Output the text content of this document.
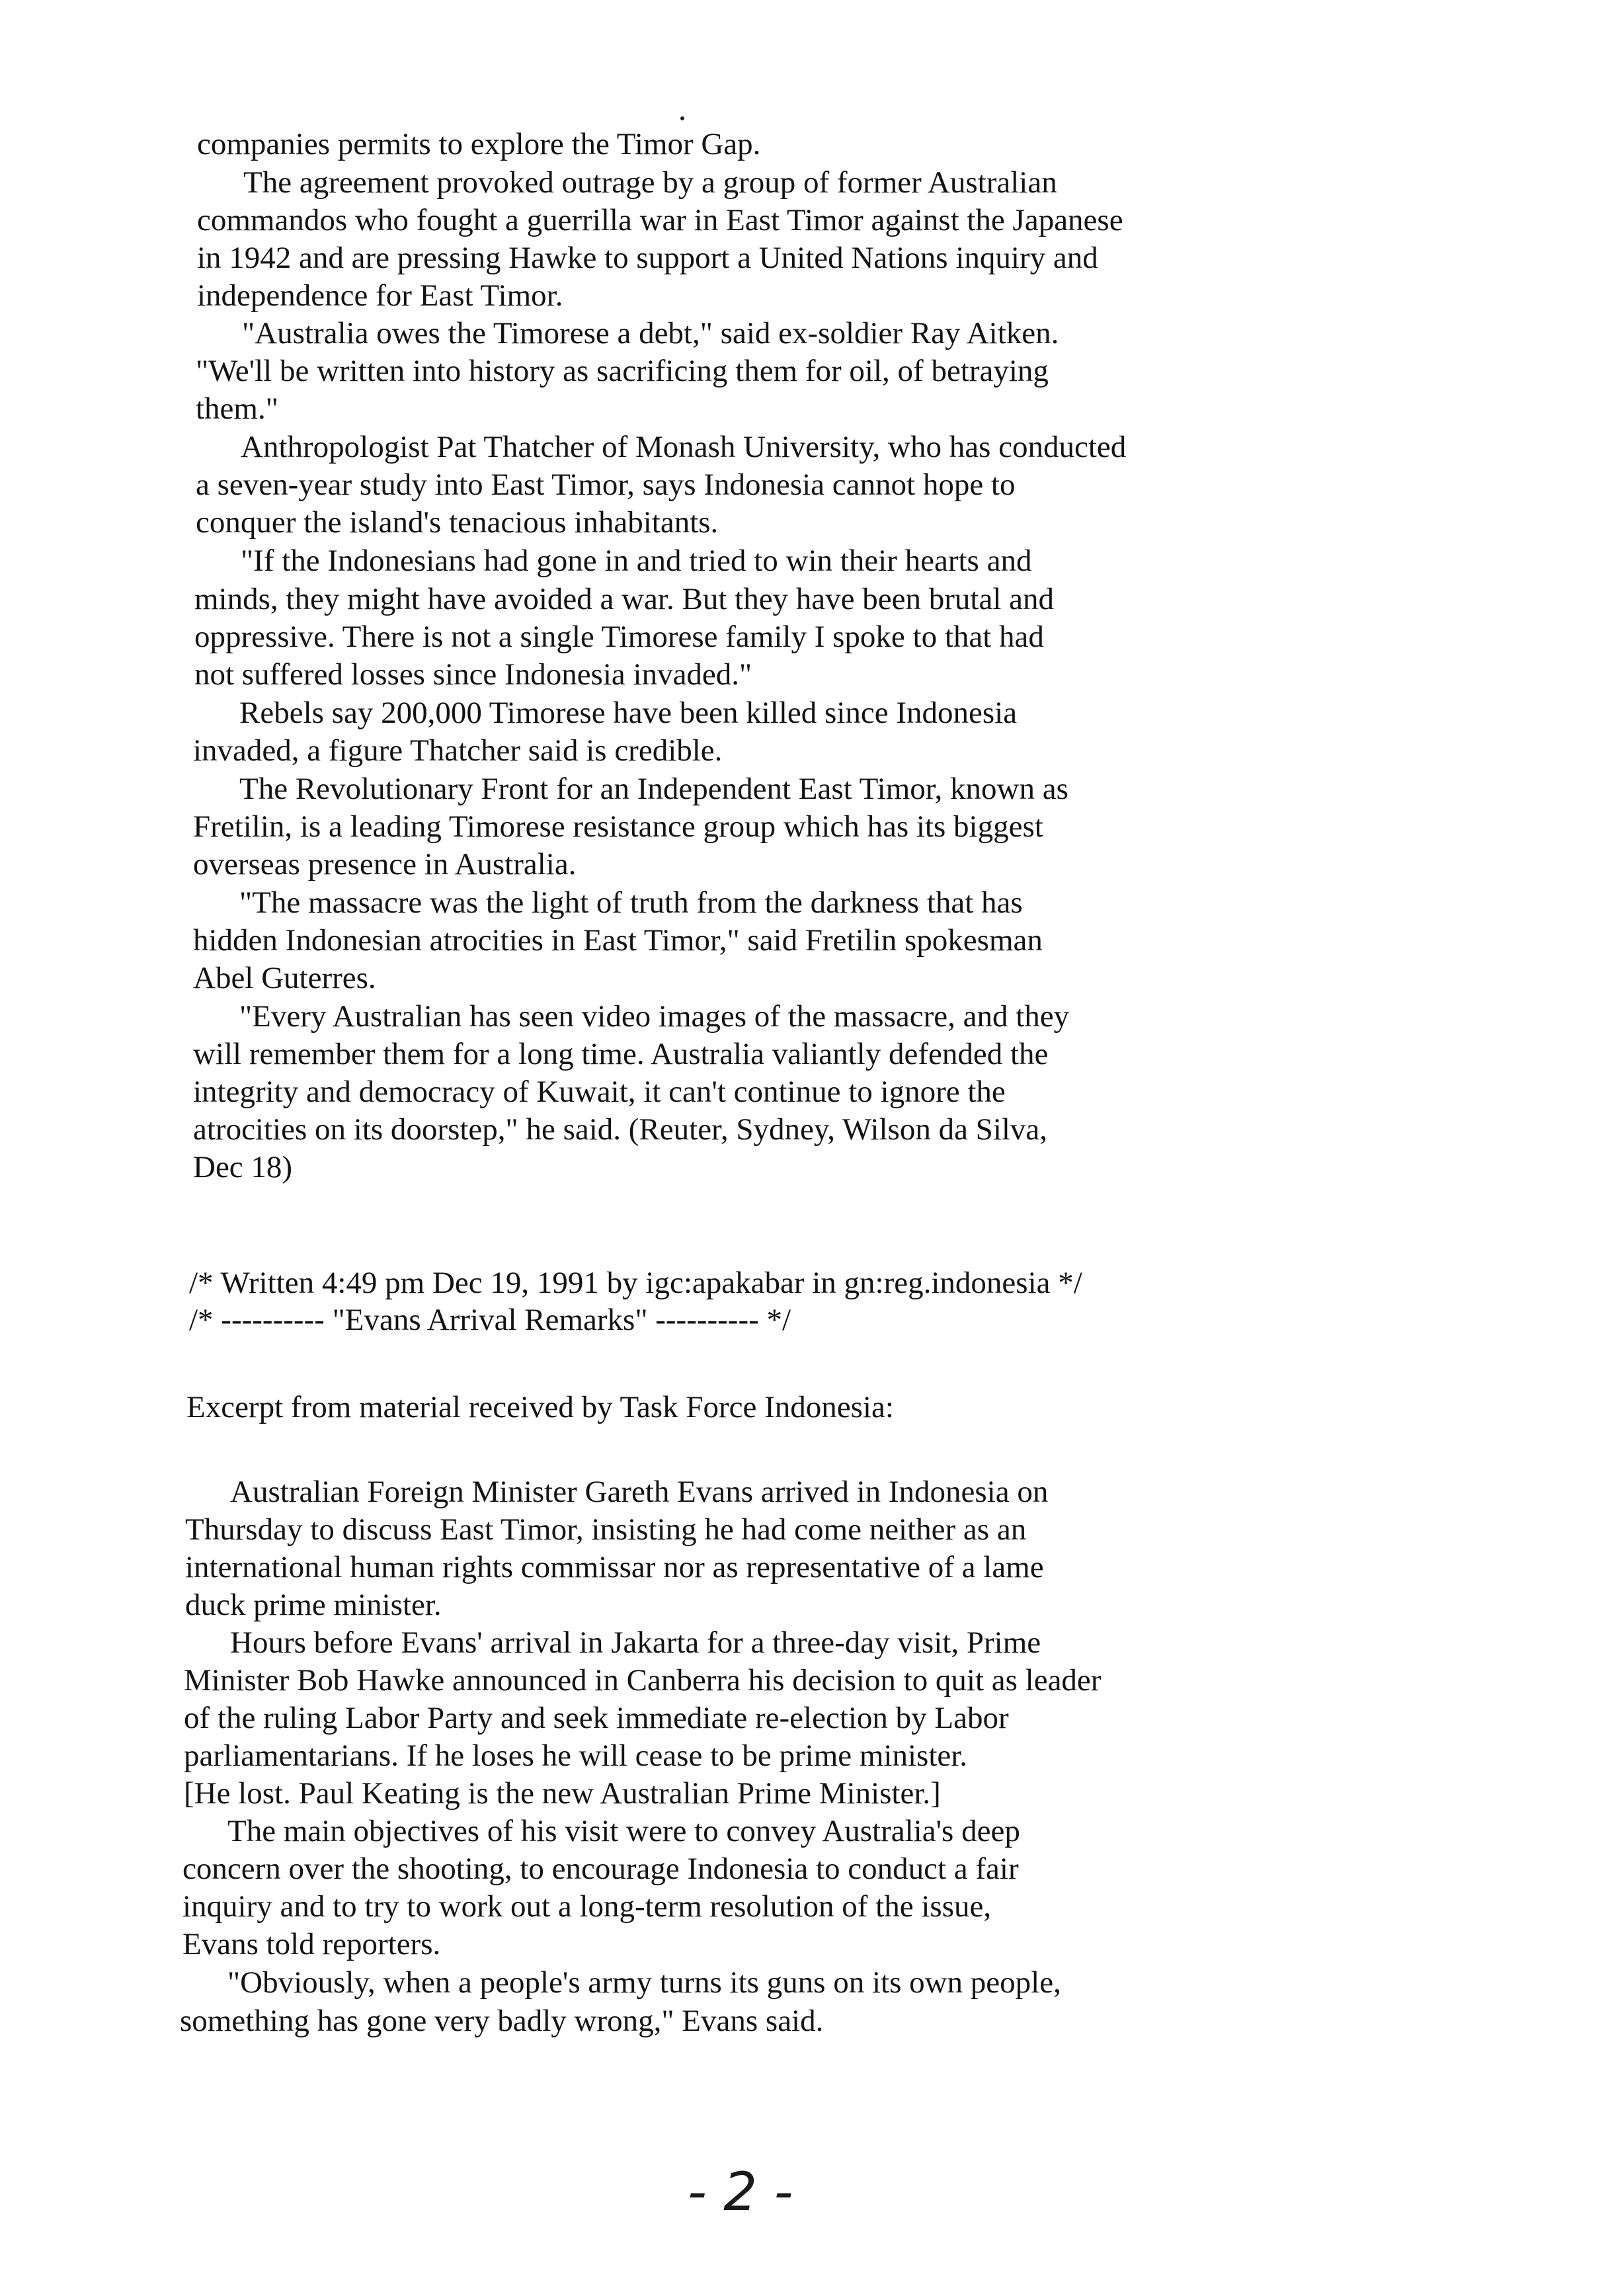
companies permits to explore the Timor Gap.
The agreement provoked outrage by a group of former Australian
commandos who fought a guerrilla war in East Timor against the Japanese
in 1942 and are pressing Hawke to support a United Nations inquiry and
independence for East Timor.
"Australia owes the Timorese a debt," said ex-soldier Ray Aitken.
"We'll be written into history as sacrificing them for oil, of betraying
them."
Anthropologist Pat Thatcher of Monash University, who has conducted
a seven-year study into East Timor, says Indonesia cannot hope to
conquer the island's tenacious inhabitants.
"If the Indonesians had gone in and tried to win their hearts and
minds, they might have avoided a war. But they have been brutal and
oppressive. There is not a single Timorese family I spoke to that had
not suffered losses since Indonesia invaded."
Rebels say 200,000 Timorese have been killed since Indonesia
invaded, a figure Thatcher said is credible.
The Revolutionary Front for an Independent East Timor, known as
Fretilin, is a leading Timorese resistance group which has its biggest
overseas presence in Australia.
"The massacre was the light of truth from the darkness that has
hidden Indonesian atrocities in East Timor," said Fretilin spokesman
Abel Guterres.
"Every Australian has seen video images of the massacre, and they
will remember them for a long time. Australia valiantly defended the
integrity and democracy of Kuwait, it can't continue to ignore the
atrocities on its doorstep," he said. (Reuter, Sydney, Wilson da Silva,
Dec 18)
/* Written 4:49 pm Dec 19, 1991 by igc:apakabar in gn:reg.indonesia */
/* ---------- "Evans Arrival Remarks" ---------- */
Excerpt from material received by Task Force Indonesia:
Australian Foreign Minister Gareth Evans arrived in Indonesia on
Thursday to discuss East Timor, insisting he had come neither as an
international human rights commissar nor as representative of a lame
duck prime minister.
Hours before Evans' arrival in Jakarta for a three-day visit, Prime
Minister Bob Hawke announced in Canberra his decision to quit as leader
of the ruling Labor Party and seek immediate re-election by Labor
parliamentarians. If he loses he will cease to be prime minister.
[He lost. Paul Keating is the new Australian Prime Minister.]
The main objectives of his visit were to convey Australia's deep
concern over the shooting, to encourage Indonesia to conduct a fair
inquiry and to try to work out a long-term resolution of the issue,
Evans told reporters.
"Obviously, when a people's army turns its guns on its own people,
something has gone very badly wrong," Evans said.
- 2 -
